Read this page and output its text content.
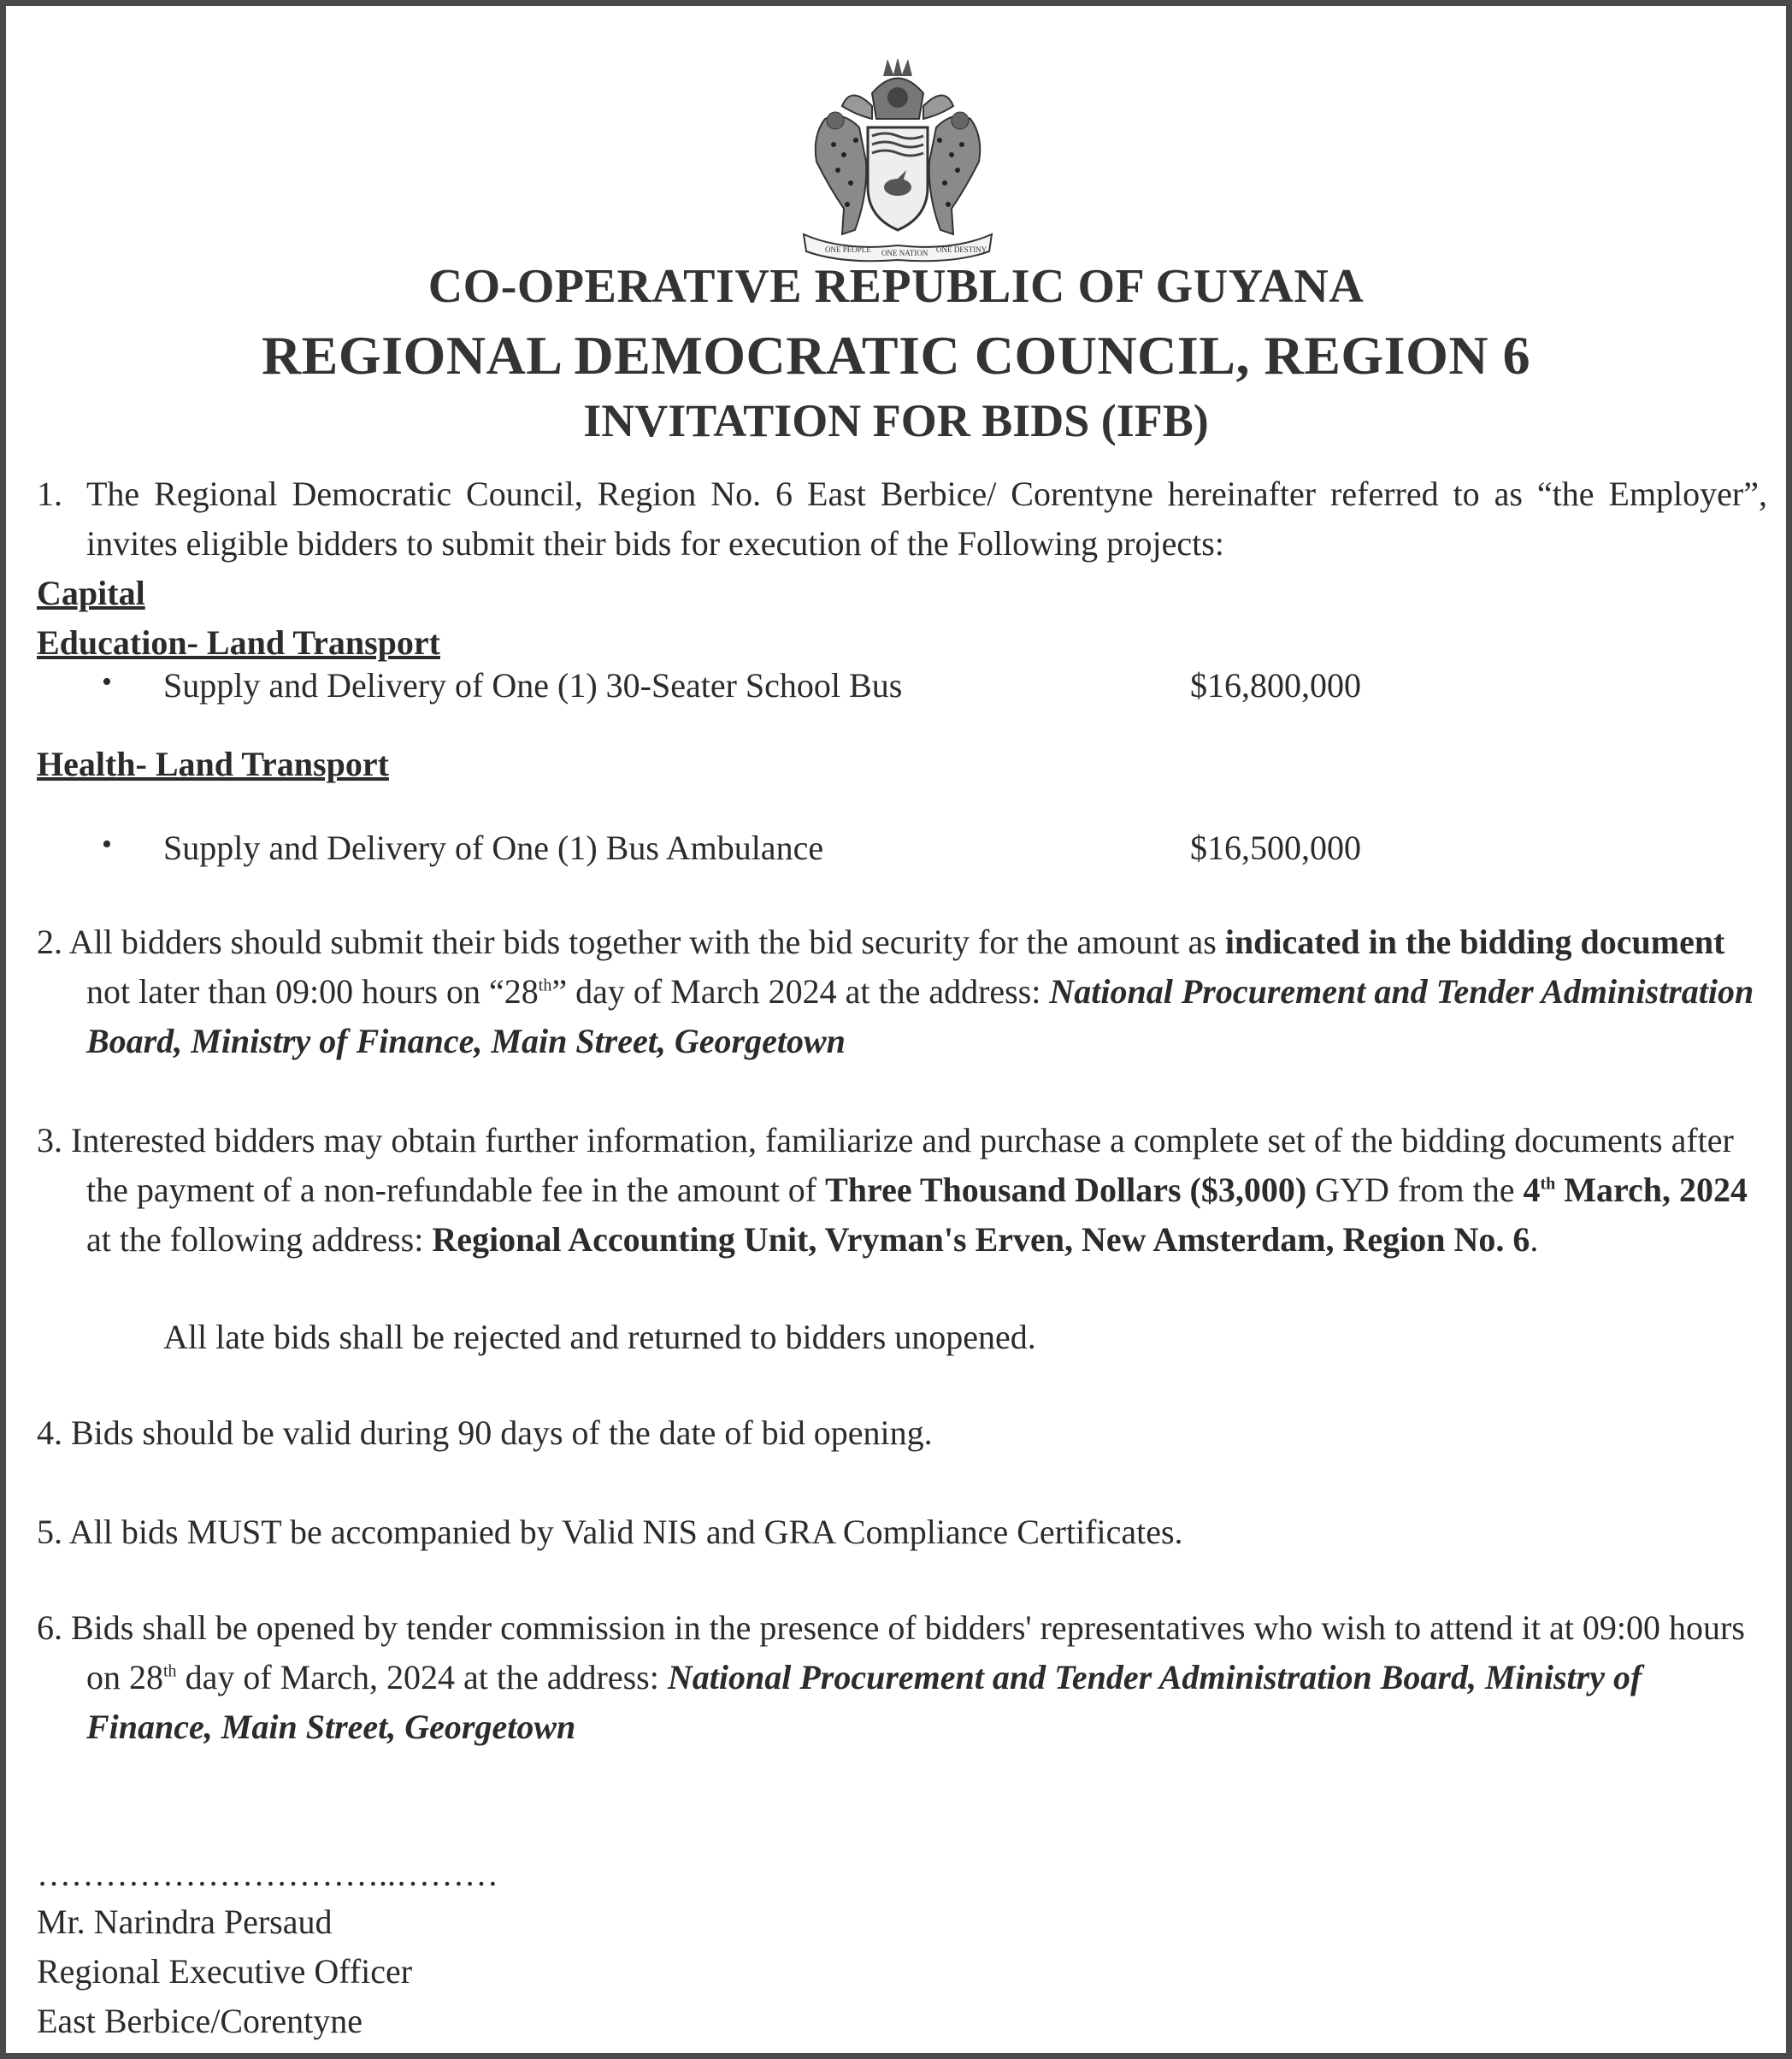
ONE PEOPLE ONE NATION ONE DESTINY
CO-OPERATIVE REPUBLIC OF GUYANA
REGIONAL DEMOCRATIC COUNCIL, REGION 6
INVITATION FOR BIDS (IFB)
1. The Regional Democratic Council, Region No. 6 East Berbice/ Corentyne hereinafter referred to as “the Employer”,
invites eligible bidders to submit their bids for execution of the Following projects:
Capital
Education- Land Transport
• Supply and Delivery of One (1) 30-Seater School Bus	$16,800,000
Health- Land Transport
• Supply and Delivery of One (1) Bus Ambulance	$16,500,000
2. All bidders should submit their bids together with the bid security for the amount as indicated in the bidding document
not later than 09:00 hours on “28th” day of March 2024 at the address: National Procurement and Tender Administration
Board, Ministry of Finance, Main Street, Georgetown
3. Interested bidders may obtain further information, familiarize and purchase a complete set of the bidding documents after
the payment of a non-refundable fee in the amount of Three Thousand Dollars ($3,000) GYD from the 4th March, 2024
at the following address: Regional Accounting Unit, Vryman's Erven, New Amsterdam, Region No. 6.
All late bids shall be rejected and returned to bidders unopened.
4. Bids should be valid during 90 days of the date of bid opening.
5. All bids MUST be accompanied by Valid NIS and GRA Compliance Certificates.
6. Bids shall be opened by tender commission in the presence of bidders' representatives who wish to attend it at 09:00 hours
on 28th day of March, 2024 at the address: National Procurement and Tender Administration Board, Ministry of
Finance, Main Street, Georgetown
…………………………..………
Mr. Narindra Persaud
Regional Executive Officer
East Berbice/Corentyne
